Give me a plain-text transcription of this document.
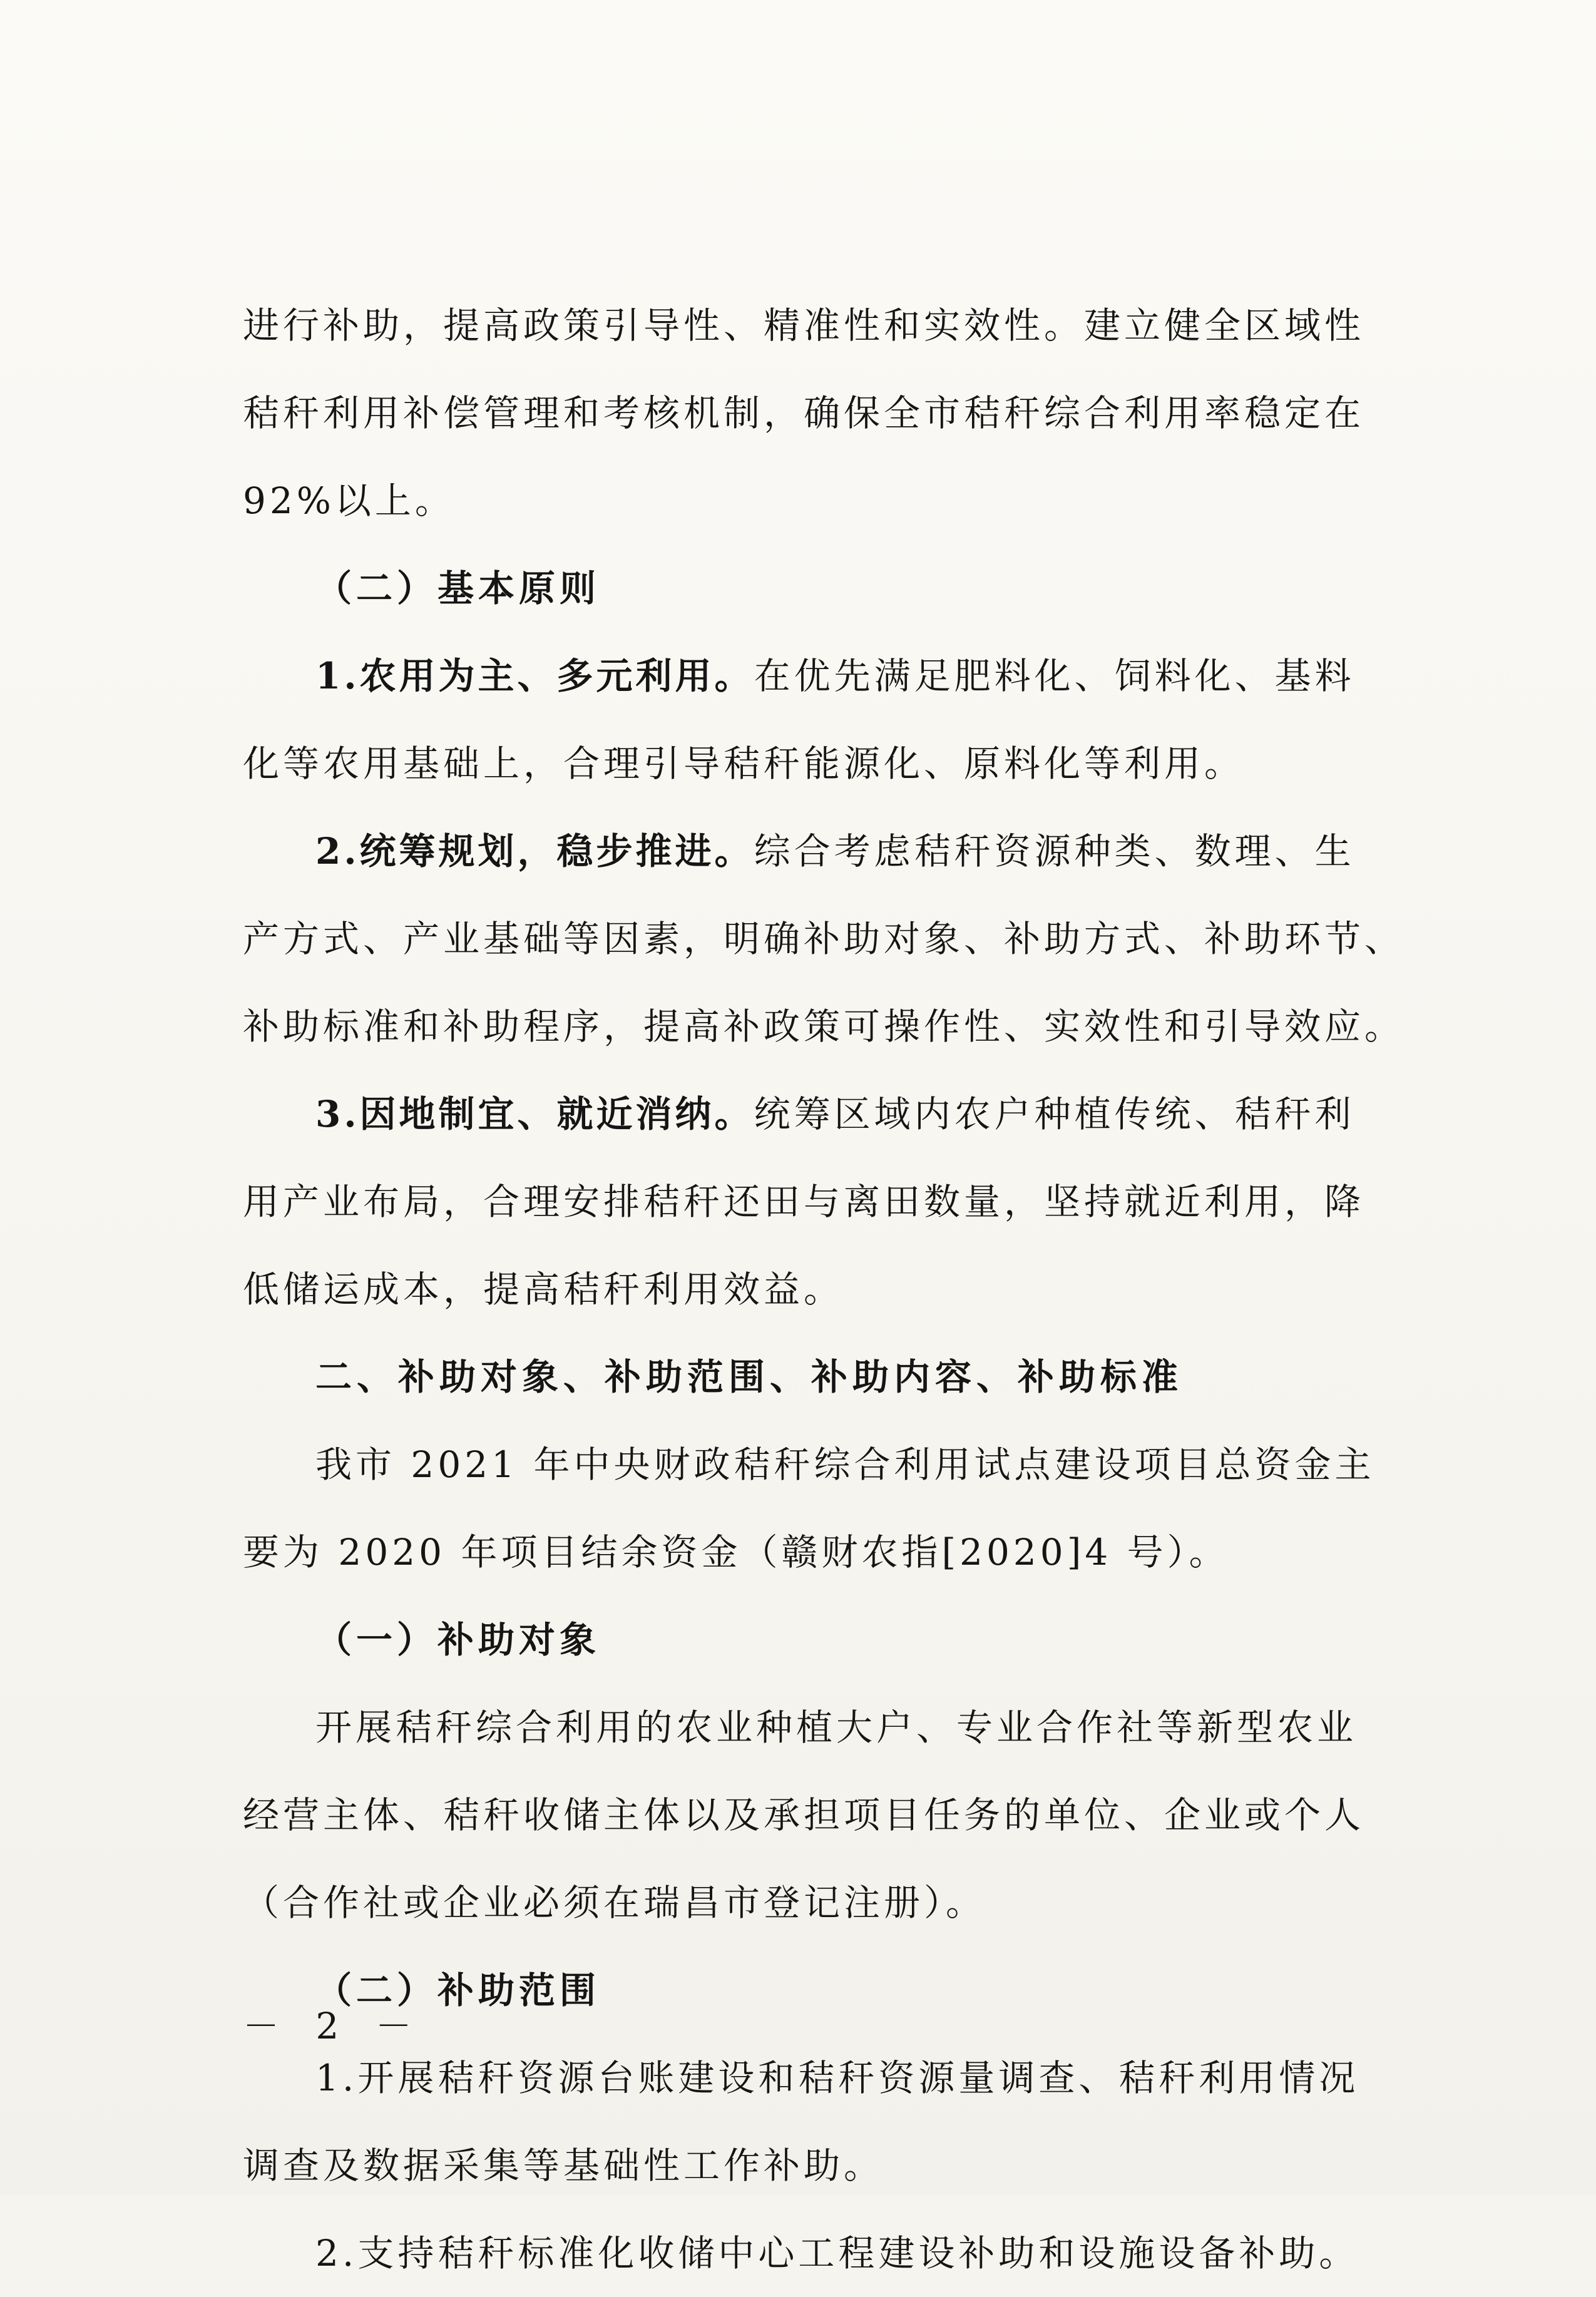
进行补助，提高政策引导性、精准性和实效性。建立健全区域性
秸秆利用补偿管理和考核机制，确保全市秸秆综合利用率稳定在
92%以上。
（二）基本原则
1.农用为主、多元利用。在优先满足肥料化、饲料化、基料
化等农用基础上，合理引导秸秆能源化、原料化等利用。
2.统筹规划，稳步推进。综合考虑秸秆资源种类、数理、生
产方式、产业基础等因素，明确补助对象、补助方式、补助环节、
补助标准和补助程序，提高补政策可操作性、实效性和引导效应。
3.因地制宜、就近消纳。统筹区域内农户种植传统、秸秆利
用产业布局，合理安排秸秆还田与离田数量，坚持就近利用，降
低储运成本，提高秸秆利用效益。
二、补助对象、补助范围、补助内容、补助标准
我市 2021 年中央财政秸秆综合利用试点建设项目总资金主
要为 2020 年项目结余资金（赣财农指[2020]4 号）。
（一）补助对象
开展秸秆综合利用的农业种植大户、专业合作社等新型农业
经营主体、秸秆收储主体以及承担项目任务的单位、企业或个人
（合作社或企业必须在瑞昌市登记注册）。
（二）补助范围
1.开展秸秆资源台账建设和秸秆资源量调查、秸秆利用情况
调查及数据采集等基础性工作补助。
2.支持秸秆标准化收储中心工程建设补助和设施设备补助。
－ 2 －
